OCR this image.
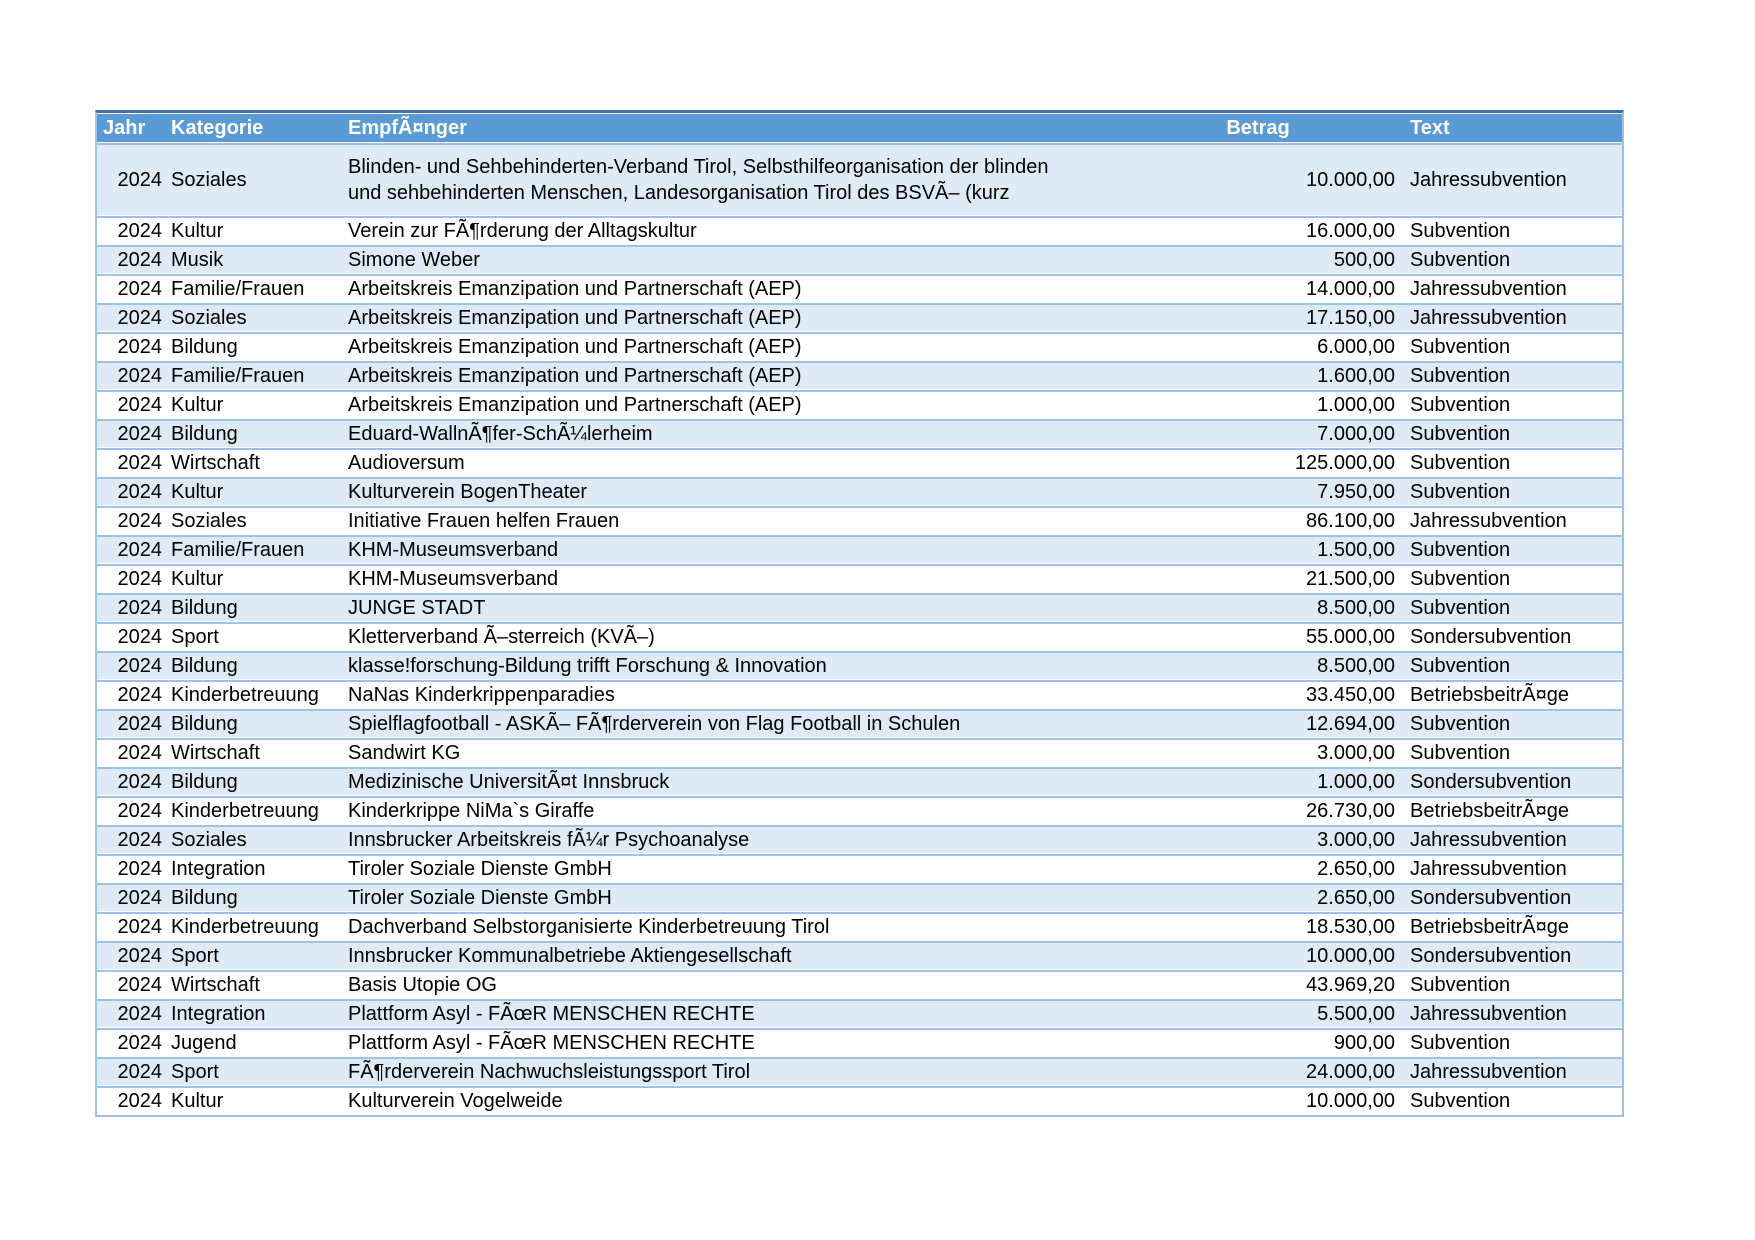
Jahr	Kategorie	EmpfÃ¤nger	Betrag	Text
2024	Soziales	Blinden- und Sehbehinderten-Verband Tirol, Selbsthilfeorganisation der blinden und sehbehinderten Menschen, Landesorganisation Tirol des BSVÃ– (kurz	10.000,00	Jahressubvention
2024	Kultur	Verein zur FÃ¶rderung der Alltagskultur	16.000,00	Subvention
2024	Musik	Simone Weber	500,00	Subvention
2024	Familie/Frauen	Arbeitskreis Emanzipation und Partnerschaft (AEP)	14.000,00	Jahressubvention
2024	Soziales	Arbeitskreis Emanzipation und Partnerschaft (AEP)	17.150,00	Jahressubvention
2024	Bildung	Arbeitskreis Emanzipation und Partnerschaft (AEP)	6.000,00	Subvention
2024	Familie/Frauen	Arbeitskreis Emanzipation und Partnerschaft (AEP)	1.600,00	Subvention
2024	Kultur	Arbeitskreis Emanzipation und Partnerschaft (AEP)	1.000,00	Subvention
2024	Bildung	Eduard-WallnÃ¶fer-SchÃ¼lerheim	7.000,00	Subvention
2024	Wirtschaft	Audioversum	125.000,00	Subvention
2024	Kultur	Kulturverein BogenTheater	7.950,00	Subvention
2024	Soziales	Initiative Frauen helfen Frauen	86.100,00	Jahressubvention
2024	Familie/Frauen	KHM-Museumsverband	1.500,00	Subvention
2024	Kultur	KHM-Museumsverband	21.500,00	Subvention
2024	Bildung	JUNGE STADT	8.500,00	Subvention
2024	Sport	Kletterverband Ã–sterreich (KVÃ–)	55.000,00	Sondersubvention
2024	Bildung	klasse!forschung-Bildung trifft Forschung & Innovation	8.500,00	Subvention
2024	Kinderbetreuung	NaNas Kinderkrippenparadies	33.450,00	BetriebsbeitrÃ¤ge
2024	Bildung	Spielflagfootball - ASKÃ– FÃ¶rderverein von Flag Football in Schulen	12.694,00	Subvention
2024	Wirtschaft	Sandwirt KG	3.000,00	Subvention
2024	Bildung	Medizinische UniversitÃ¤t Innsbruck	1.000,00	Sondersubvention
2024	Kinderbetreuung	Kinderkrippe NiMa`s Giraffe	26.730,00	BetriebsbeitrÃ¤ge
2024	Soziales	Innsbrucker Arbeitskreis fÃ¼r Psychoanalyse	3.000,00	Jahressubvention
2024	Integration	Tiroler Soziale Dienste GmbH	2.650,00	Jahressubvention
2024	Bildung	Tiroler Soziale Dienste GmbH	2.650,00	Sondersubvention
2024	Kinderbetreuung	Dachverband Selbstorganisierte Kinderbetreuung Tirol	18.530,00	BetriebsbeitrÃ¤ge
2024	Sport	Innsbrucker Kommunalbetriebe Aktiengesellschaft	10.000,00	Sondersubvention
2024	Wirtschaft	Basis Utopie OG	43.969,20	Subvention
2024	Integration	Plattform Asyl - FÃœR MENSCHEN RECHTE	5.500,00	Jahressubvention
2024	Jugend	Plattform Asyl - FÃœR MENSCHEN RECHTE	900,00	Subvention
2024	Sport	FÃ¶rderverein Nachwuchsleistungssport Tirol	24.000,00	Jahressubvention
2024	Kultur	Kulturverein Vogelweide	10.000,00	Subvention
